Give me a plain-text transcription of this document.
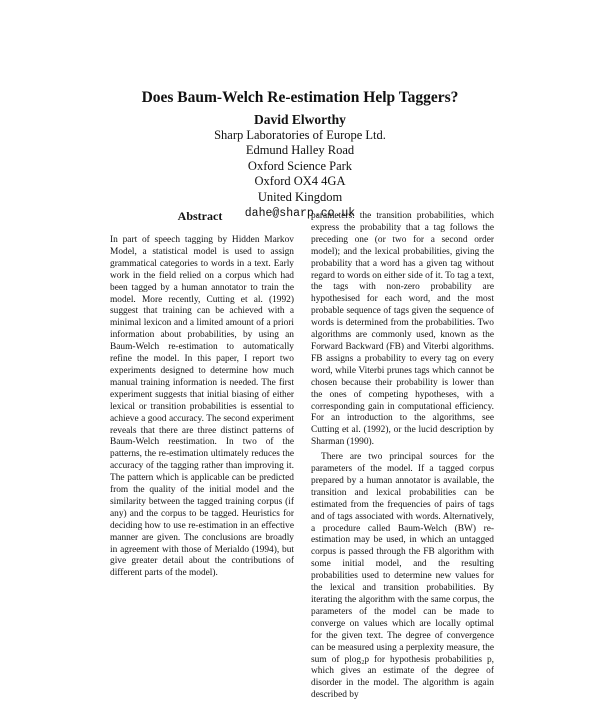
Does Baum-Welch Re-estimation Help Taggers?
David Elworthy
Sharp Laboratories of Europe Ltd.
Edmund Halley Road
Oxford Science Park
Oxford OX4 4GA
United Kingdom
dahe@sharp.co.uk
Abstract

In part of speech tagging by Hidden Markov Model, a statistical model is used to assign grammatical categories to words in a text. Early work in the field relied on a corpus which had been tagged by a human annotator to train the model. More recently, Cutting et al. (1992) suggest that training can be achieved with a minimal lexicon and a limited amount of a priori information about probabilities, by using an Baum-Welch re-estimation to automatically refine the model. In this paper, I report two experiments designed to determine how much manual training information is needed. The first experiment suggests that initial biasing of either lexical or transition probabilities is essential to achieve a good accuracy. The second experiment reveals that there are three distinct patterns of Baum-Welch reestimation. In two of the patterns, the re-estimation ultimately reduces the accuracy of the tagging rather than improving it. The pattern which is applicable can be predicted from the quality of the initial model and the similarity between the tagged training corpus (if any) and the corpus to be tagged. Heuristics for deciding how to use re-estimation in an effective manner are given. The conclusions are broadly in agreement with those of Merialdo (1994), but give greater detail about the contributions of different parts of the model).

parameters: the transition probabilities, which express the probability that a tag follows the preceding one (or two for a second order model); and the lexical probabilities, giving the probability that a word has a given tag without regard to words on either side of it. To tag a text, the tags with non-zero probability are hypothesised for each word, and the most probable sequence of tags given the sequence of words is determined from the probabilities. Two algorithms are commonly used, known as the Forward Backward (FB) and Viterbi algorithms. FB assigns a probability to every tag on every word, while Viterbi prunes tags which cannot be chosen because their probability is lower than the ones of competing hypotheses, with a corresponding gain in computational efficiency. For an introduction to the algorithms, see Cutting et al. (1992), or the lucid description by Sharman (1990).

There are two principal sources for the parameters of the model. If a tagged corpus prepared by a human annotator is available, the transition and lexical probabilities can be estimated from the frequencies of pairs of tags and of tags associated with words. Alternatively, a procedure called Baum-Welch (BW) re-estimation may be used, in which an untagged corpus is passed through the FB algorithm with some initial model, and the resulting probabilities used to determine new values for the lexical and transition probabilities. By iterating the algorithm with the same corpus, the parameters of the model can be made to converge on values which are locally optimal for the given text. The degree of convergence can be measured using a perplexity measure, the sum of plog₂p for hypothesis probabilities p, which gives an estimate of the degree of disorder in the model. The algorithm is again described by
